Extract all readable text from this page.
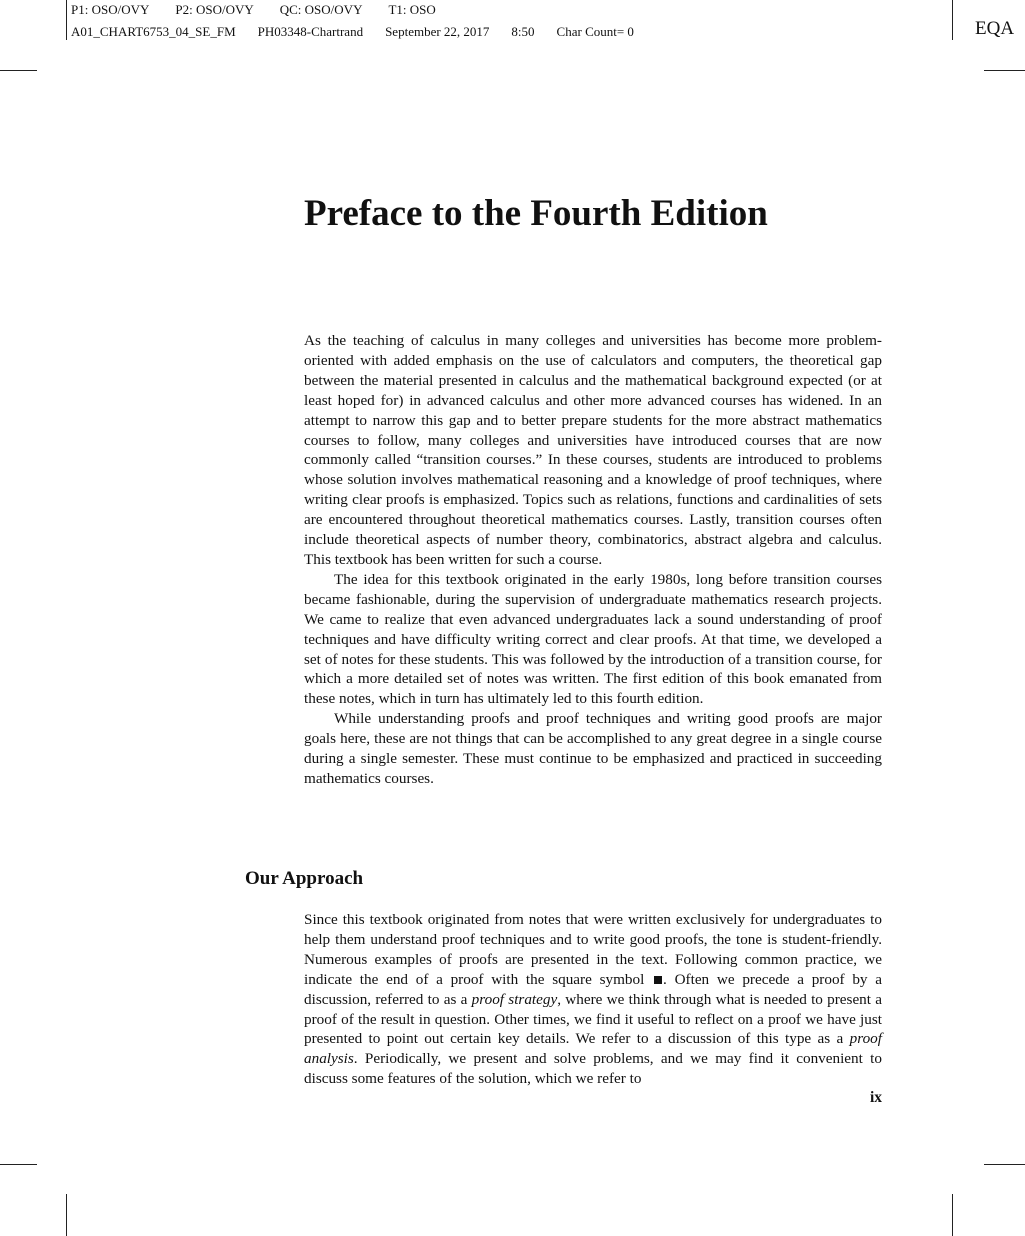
P1: OSO/OVY P2: OSO/OVY QC: OSO/OVY T1: OSO
A01_CHART6753_04_SE_FM PH03348-Chartrand September 22, 2017 8:50 Char Count= 0	EQA
Preface to the Fourth Edition

As the teaching of calculus in many colleges and universities has become more problem-oriented with added emphasis on the use of calculators and computers, the theoretical gap between the material presented in calculus and the mathematical background expected (or at least hoped for) in advanced calculus and other more advanced courses has widened. In an attempt to narrow this gap and to better prepare students for the more abstract mathematics courses to follow, many colleges and universities have introduced courses that are now commonly called “transition courses.” In these courses, students are introduced to problems whose solution involves mathematical reasoning and a knowledge of proof techniques, where writing clear proofs is emphasized. Topics such as relations, functions and cardinalities of sets are encountered throughout theoretical mathematics courses. Lastly, transition courses often include theoretical aspects of number theory, combinatorics, abstract algebra and calculus. This textbook has been written for such a course.

The idea for this textbook originated in the early 1980s, long before transition courses became fashionable, during the supervision of undergraduate mathematics research projects. We came to realize that even advanced undergraduates lack a sound understanding of proof techniques and have difficulty writing correct and clear proofs. At that time, we developed a set of notes for these students. This was followed by the introduction of a transition course, for which a more detailed set of notes was written. The first edition of this book emanated from these notes, which in turn has ultimately led to this fourth edition.

While understanding proofs and proof techniques and writing good proofs are major goals here, these are not things that can be accomplished to any great degree in a single course during a single semester. These must continue to be emphasized and practiced in succeeding mathematics courses.

Our Approach

Since this textbook originated from notes that were written exclusively for undergraduates to help them understand proof techniques and to write good proofs, the tone is student-friendly. Numerous examples of proofs are presented in the text. Following common practice, we indicate the end of a proof with the square symbol . Often we precede a proof by a discussion, referred to as a proof strategy, where we think through what is needed to present a proof of the result in question. Other times, we find it useful to reflect on a proof we have just presented to point out certain key details. We refer to a discussion of this type as a proof analysis. Periodically, we present and solve problems, and we may find it convenient to discuss some features of the solution, which we refer to

ix
